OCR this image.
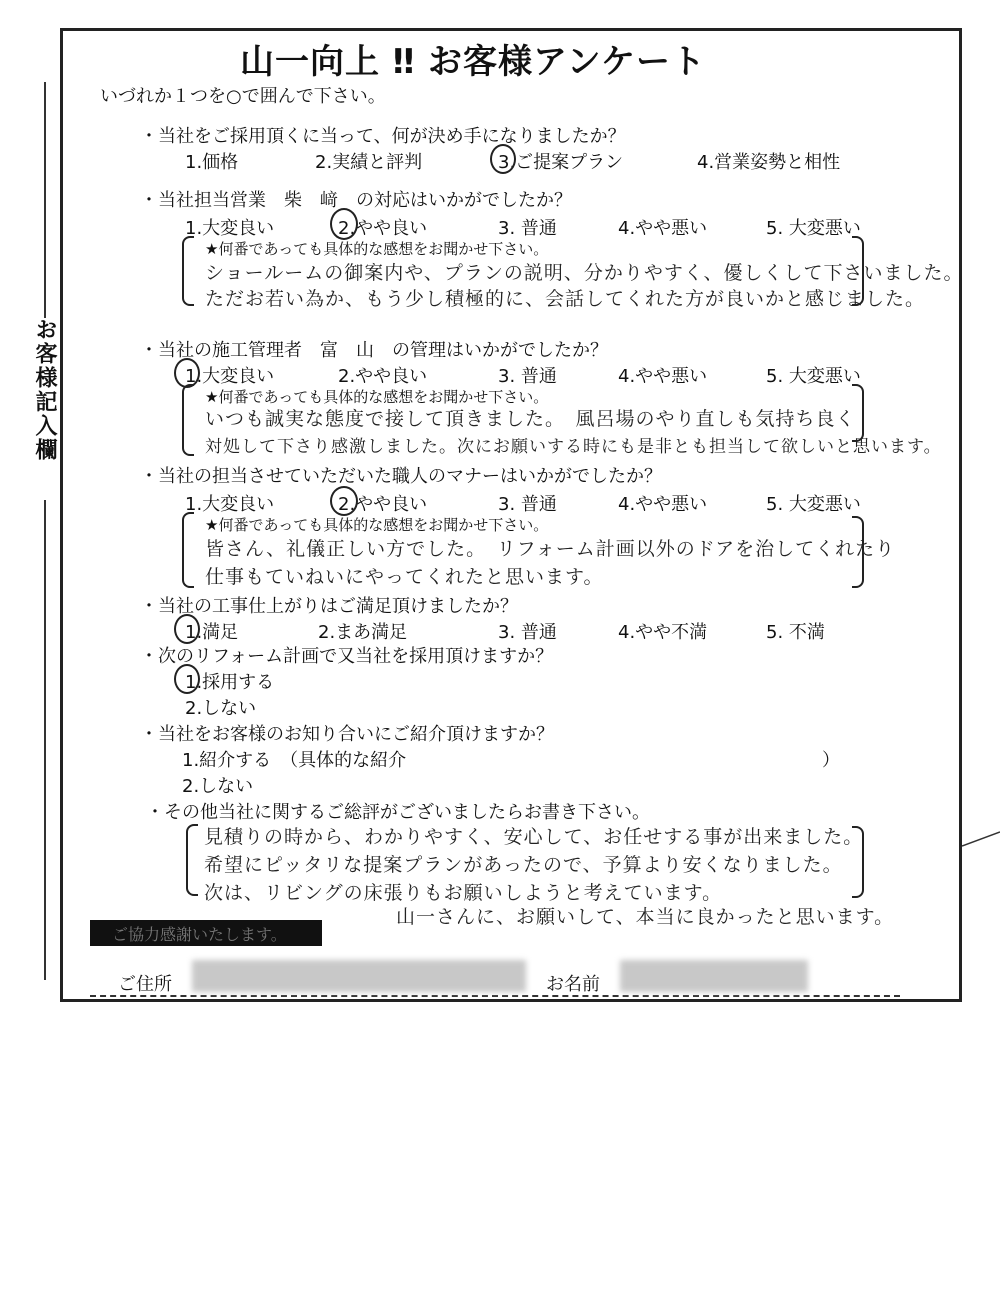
山一向上 ‼ お客様アンケート
いづれか１つを○で囲んで下さい。
お客様記入欄
・当社をご採用頂くに当って、何が決め手になりましたか？
1.価格	2.実績と評判	3.ご提案プラン	4.営業姿勢と相性
・当社担当営業　柴　﨑　の対応はいかがでしたか？
1.大変良い	2.やや良い	3. 普通	4.やや悪い	5. 大変悪い
★何番であっても具体的な感想をお聞かせ下さい。
ショールームの御案内や、プランの説明、分かりやすく、優しくして下さいました。
ただお若い為か、もう少し積極的に、会話してくれた方が良いかと感じました。
・当社の施工管理者　富　山　の管理はいかがでしたか？
1.大変良い	2.やや良い	3. 普通	4.やや悪い	5. 大変悪い
★何番であっても具体的な感想をお聞かせ下さい。
いつも誠実な態度で接して頂きました。　風呂場のやり直しも気持ち良く
対処して下さり感激しました。次にお願いする時にも是非とも担当して欲しいと思います。
・当社の担当させていただいた職人のマナーはいかがでしたか？
1.大変良い	2.やや良い	3. 普通	4.やや悪い	5. 大変悪い
★何番であっても具体的な感想をお聞かせ下さい。
皆さん、礼儀正しい方でした。　リフォーム計画以外のドアを治してくれたり
仕事もていねいにやってくれたと思います。
・当社の工事仕上がりはご満足頂けましたか？
1.満足	2.まあ満足	3. 普通	4.やや不満	5. 不満
・次のリフォーム計画で又当社を採用頂けますか？
1.採用する
2.しない
・当社をお客様のお知り合いにご紹介頂けますか？
1.紹介する　（具体的な紹介	）
2.しない
・その他当社に関するご総評がございましたらお書き下さい。
見積りの時から、わかりやすく、安心して、お任せする事が出来ました。
希望にピッタリな提案プランがあったので、予算より安くなりました。
次は、リビングの床張りもお願いしようと考えています。
山一さんに、お願いして、本当に良かったと思います。
ご協力感謝いたします。
ご住所	お名前
